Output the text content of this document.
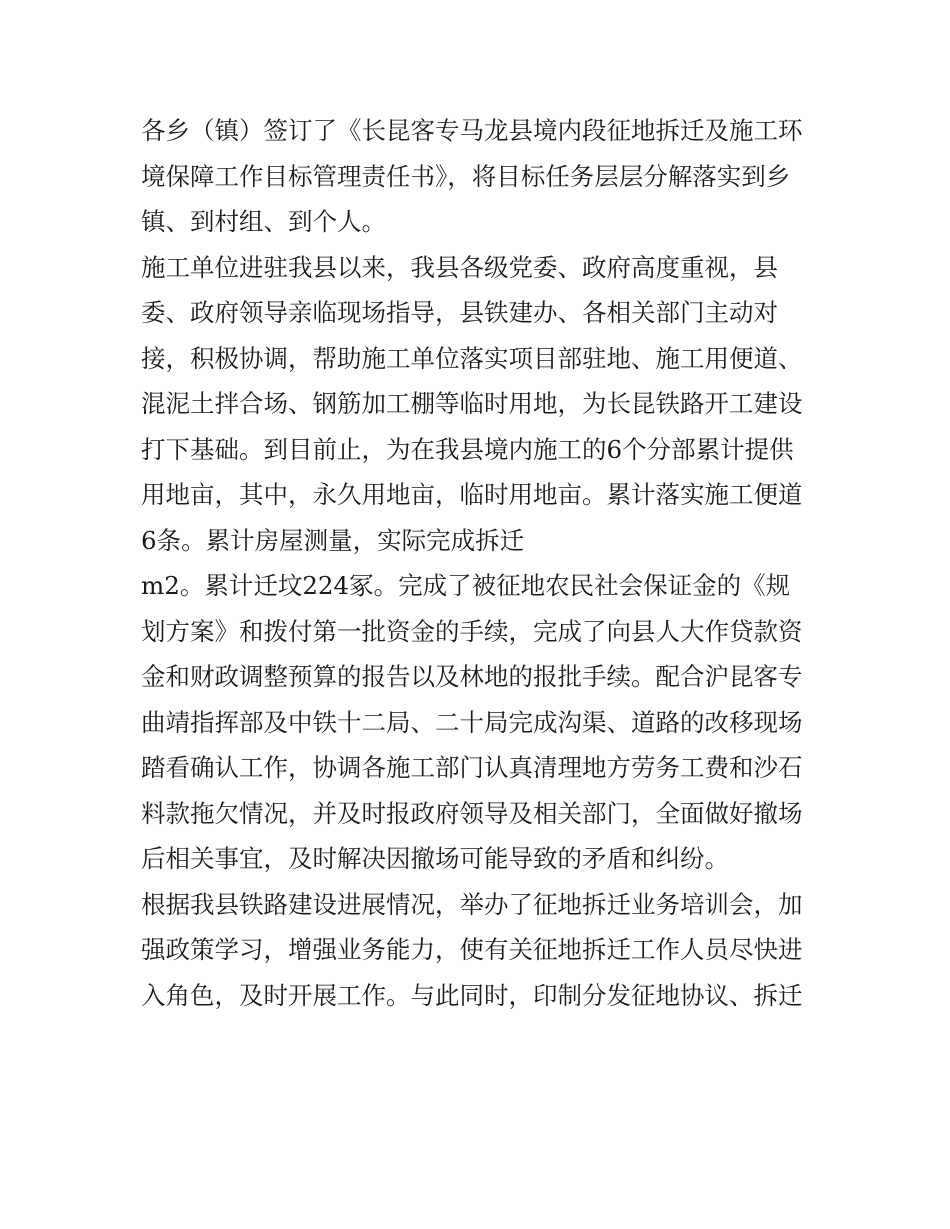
各乡（镇）签订了《长昆客专马龙县境内段征地拆迁及施工环
境保障工作目标管理责任书》，将目标任务层层分解落实到乡
镇、到村组、到个人。
施工单位进驻我县以来，我县各级党委、政府高度重视，县
委、政府领导亲临现场指导，县铁建办、各相关部门主动对
接，积极协调，帮助施工单位落实项目部驻地、施工用便道、
混泥土拌合场、钢筋加工棚等临时用地，为长昆铁路开工建设
打下基础。到目前止，为在我县境内施工的6个分部累计提供
用地亩，其中，永久用地亩，临时用地亩。累计落实施工便道
6条。累计房屋测量，实际完成拆迁
m2。累计迁坟224冢。完成了被征地农民社会保证金的《规
划方案》和拨付第一批资金的手续，完成了向县人大作贷款资
金和财政调整预算的报告以及林地的报批手续。配合沪昆客专
曲靖指挥部及中铁十二局、二十局完成沟渠、道路的改移现场
踏看确认工作，协调各施工部门认真清理地方劳务工费和沙石
料款拖欠情况，并及时报政府领导及相关部门，全面做好撤场
后相关事宜，及时解决因撤场可能导致的矛盾和纠纷。
根据我县铁路建设进展情况，举办了征地拆迁业务培训会，加
强政策学习，增强业务能力，使有关征地拆迁工作人员尽快进
入角色，及时开展工作。与此同时，印制分发征地协议、拆迁
